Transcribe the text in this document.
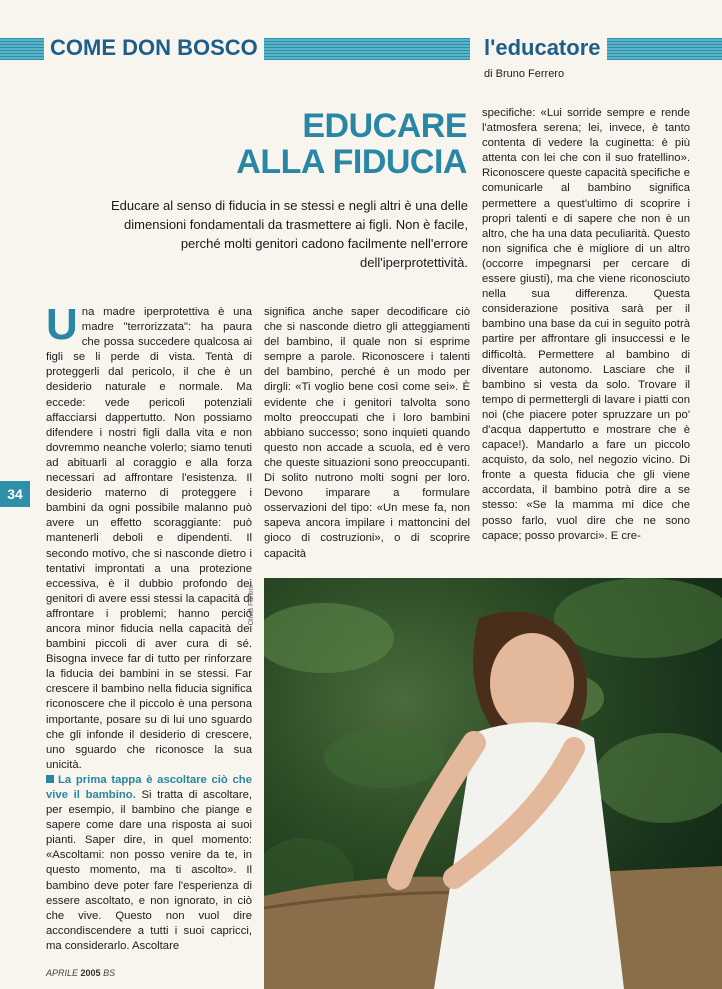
COME DON BOSCO	l'educatore
di Bruno Ferrero
EDUCARE
ALLA FIDUCIA
Educare al senso di fiducia in se stessi e negli altri è una delle dimensioni fondamentali da trasmettere ai figli. Non è facile, perché molti genitori cadono facilmente nell'errore dell'iperprotettività.
34

Una madre iperprotettiva è una madre "terrorizzata": ha paura che possa succedere qualcosa ai figli se li perde di vista. Tentà di proteggerli dal pericolo, il che è un desiderio naturale e normale. Ma eccede: vede pericoli potenziali affacciarsi dappertutto. Non possiamo difendere i nostri figli dalla vita e non dovremmo neanche volerlo; siamo tenuti ad abituarli al coraggio e alla forza necessari ad affrontare l'esistenza. Il desiderio materno di proteggere i bambini da ogni possibile malanno può avere un effetto scoraggiante: può mantenerli deboli e dipendenti. Il secondo motivo, che si nasconde dietro i tentativi improntati a una protezione eccessiva, è il dubbio profondo dei genitori di avere essi stessi la capacità di affrontare i problemi; hanno perciò ancora minor fiducia nella capacità dei bambini piccoli di aver cura di sé. Bisogna invece far di tutto per rinforzare la fiducia dei bambini in se stessi. Far crescere il bambino nella fiducia significa riconoscere che il piccolo è una persona importante, posare su di lui uno sguardo che gli infonde il desiderio di crescere, uno sguardo che riconosce la sua unicità.

La prima tappa è ascoltare ciò che vive il bambino. Si tratta di ascoltare, per esempio, il bambino che piange e sapere come dare una risposta ai suoi pianti. Saper dire, in quel momento: «Ascoltami: non posso venire da te, in questo momento, ma ti ascolto». Il bambino deve poter fare l'esperienza di essere ascoltato, e non ignorato, in ciò che vive. Questo non vuol dire accondiscendere a tutti i suoi capricci, ma considerarlo. Ascoltare

significa anche saper decodificare ciò che si nasconde dietro gli atteggiamenti del bambino, il quale non si esprime sempre a parole. Riconoscere i talenti del bambino, perché è un modo per dirgli: «Ti voglio bene così come sei». È evidente che i genitori talvolta sono molto preoccupati che i loro bambini abbiano successo; sono inquieti quando questo non accade a scuola, ed è vero che queste situazioni sono preoccupanti. Di solito nutrono molti sogni per loro. Devono imparare a formulare osservazioni del tipo: «Un mese fa, non sapeva ancora impilare i mattoncini del gioco di costruzioni», o di scoprire capacità

specifiche: «Lui sorride sempre e rende l'atmosfera serena; lei, invece, è tanto contenta di vedere la cuginetta: è più attenta con lei che con il suo fratellino». Riconoscere queste capacità specifiche e comunicarle al bambino significa permettere a quest'ultimo di scoprire i propri talenti e di sapere che non è un altro, che ha una data peculiarità. Questo non significa che è migliore di un altro (occorre impegnarsi per cercare di essere giusti), ma che viene riconosciuto nella sua differenza. Questa considerazione positiva sarà per il bambino una base da cui in seguito potrà partire per affrontare gli insuccessi e le difficoltà. Permettere al bambino di diventare autonomo. Lasciare che il bambino si vesta da solo. Trovare il tempo di permettergli di lavare i piatti con noi (che piacere poter spruzzare un po' d'acqua dappertutto e mostrare che è capace!). Mandarlo a fare un piccolo acquisto, da solo, nel negozio vicino. Di fronte a questa fiducia che gli viene accordata, il bambino potrà dire a se stesso: «Se la mamma mi dice che posso farlo, vuol dire che ne sono capace; posso provarci». E cre-

Olivia Fantini
APRILE 2005 BS
